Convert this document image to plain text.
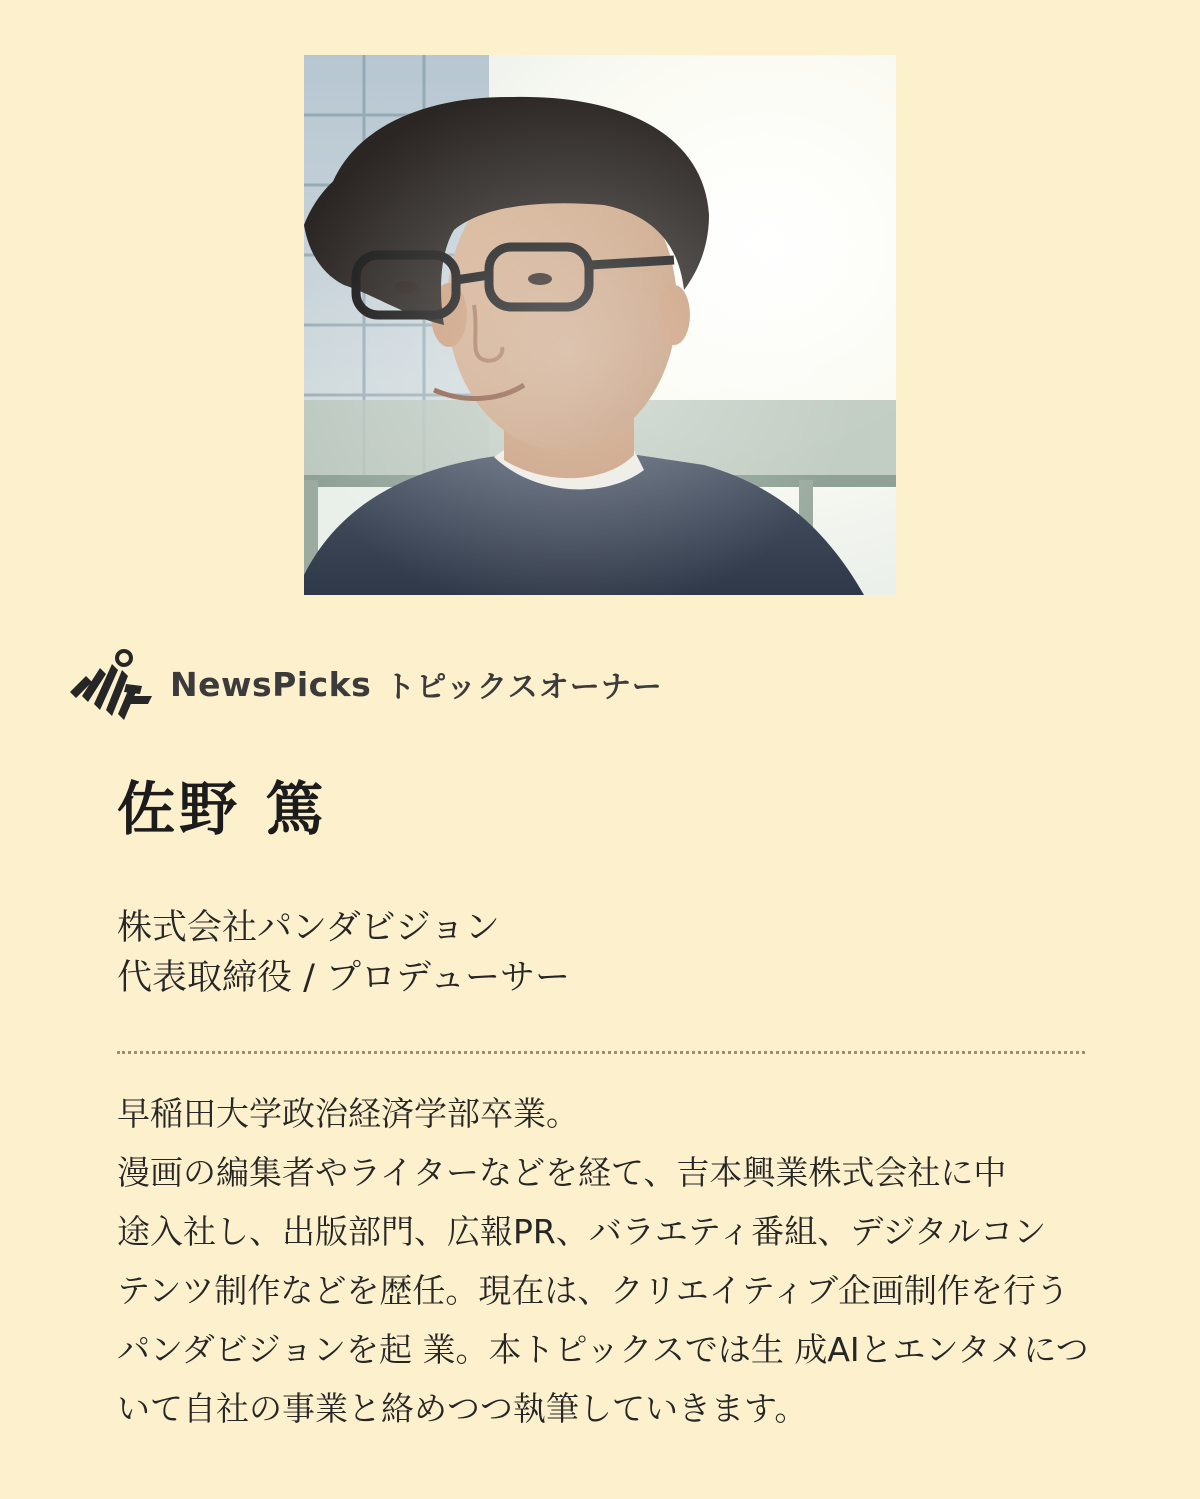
NewsPicks トピックスオーナー
佐野 篤
株式会社パンダビジョン
代表取締役 / プロデューサー
早稲田大学政治経済学部卒業。
漫画の編集者やライターなどを経て、吉本興業株式会社に中
途入社し、出版部門、広報PR、バラエティ番組、デジタルコン
テンツ制作などを歴任。現在は、クリエイティブ企画制作を行う
パンダビジョンを起 業。本トピックスでは生 成AIとエンタメにつ
いて自社の事業と絡めつつ執筆していきます。
